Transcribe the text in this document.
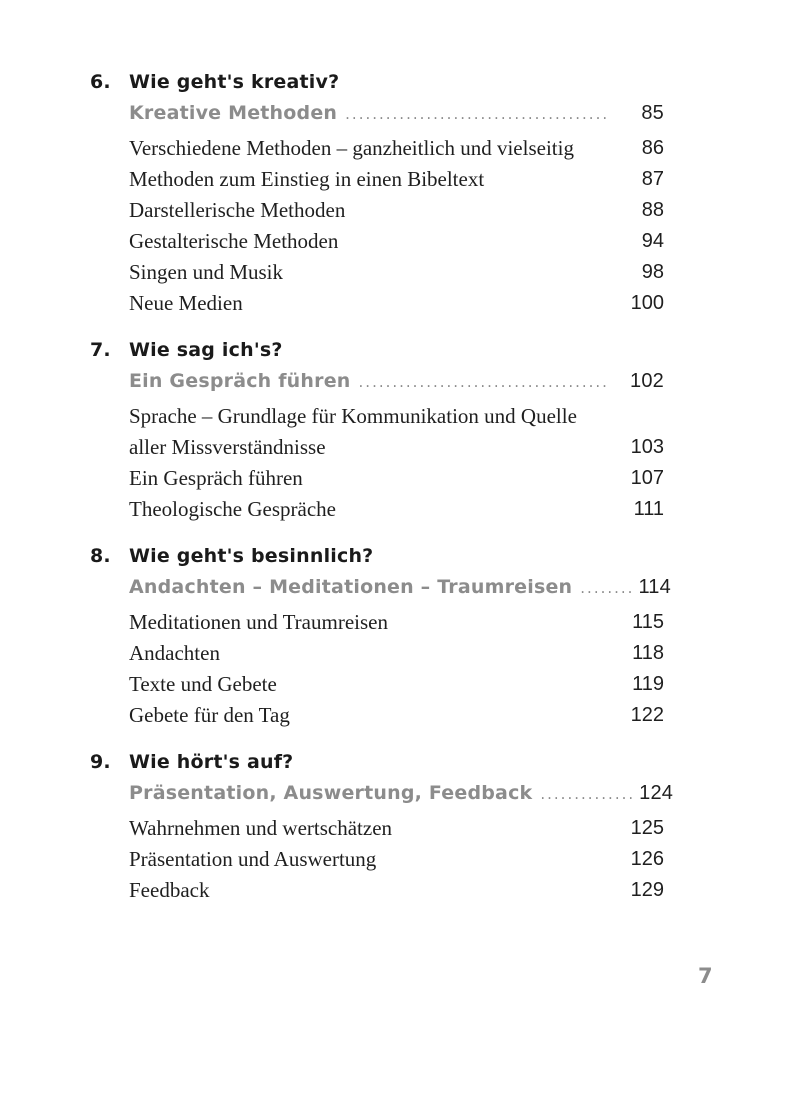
6. Wie geht's kreativ?
Kreative Methoden .......................................	85
Verschiedene Methoden – ganzheitlich und vielseitig	86
Methoden zum Einstieg in einen Bibeltext	87
Darstellerische Methoden	88
Gestalterische Methoden	94
Singen und Musik	98
Neue Medien	100
7. Wie sag ich's?
Ein Gespräch führen .....................................	102
Sprache – Grundlage für Kommunikation und Quelle aller Missverständnisse	103
Ein Gespräch führen	107
Theologische Gespräche	111
8. Wie geht's besinnlich?
Andachten – Meditationen – Traumreisen ........ 114
Meditationen und Traumreisen	115
Andachten	118
Texte und Gebete	119
Gebete für den Tag	122
9. Wie hört's auf?
Präsentation, Auswertung, Feedback .............. 124
Wahrnehmen und wertschätzen	125
Präsentation und Auswertung	126
Feedback	129
7
